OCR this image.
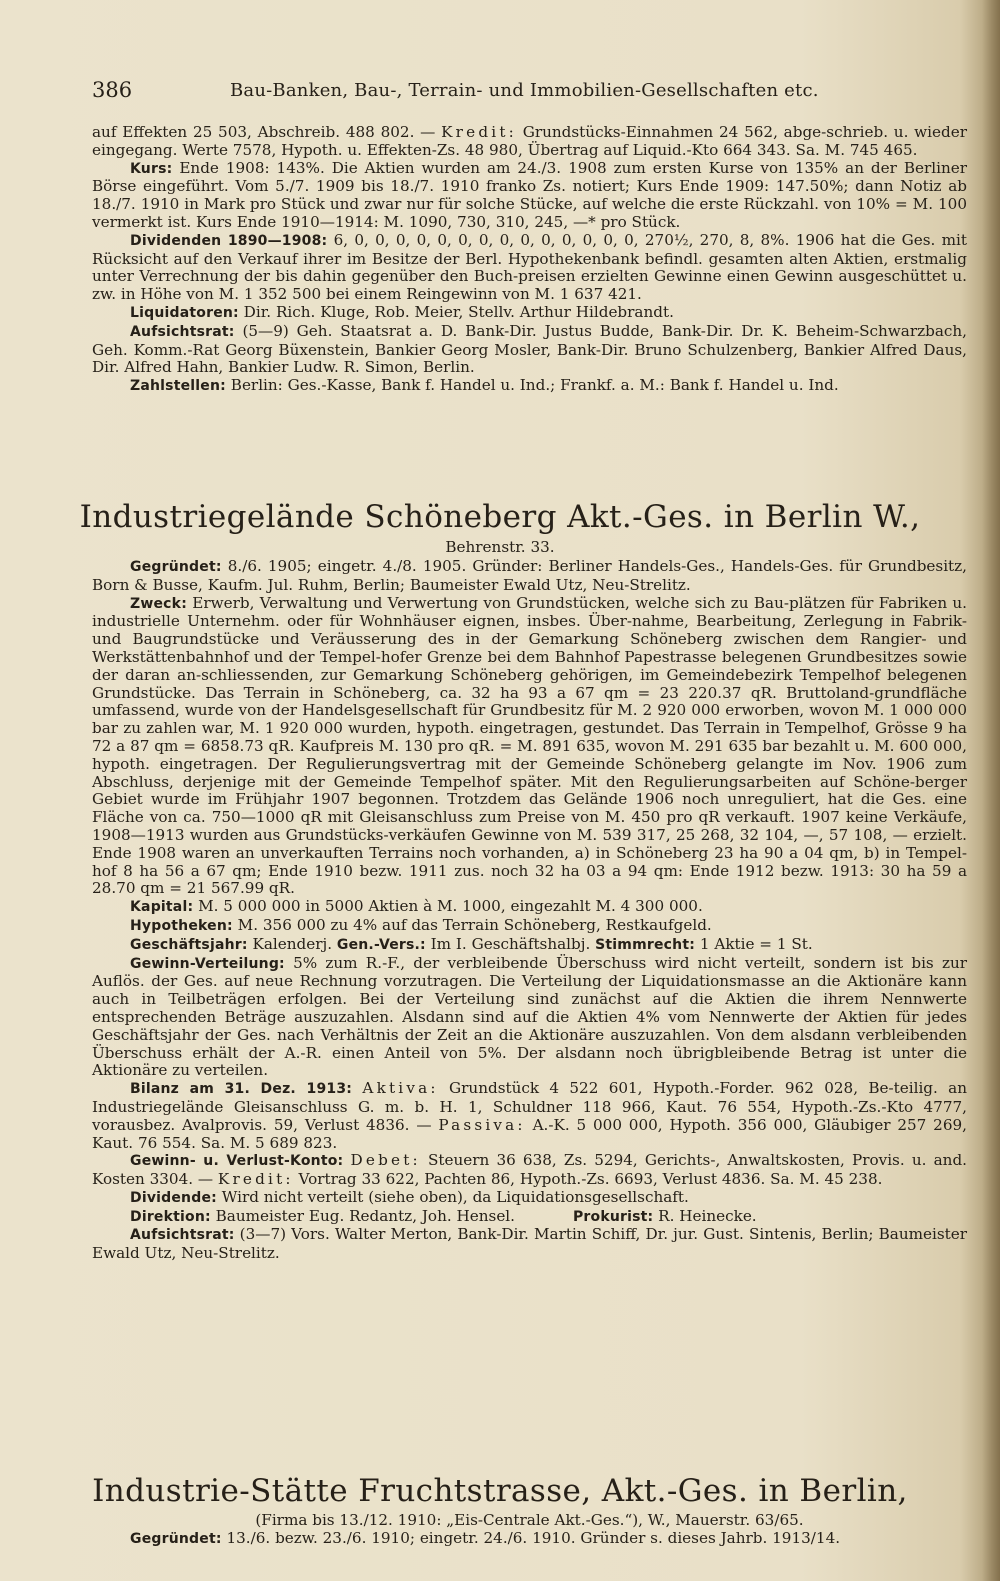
386	Bau-Banken, Bau-, Terrain- und Immobilien-Gesellschaften etc.

auf Effekten 25 503, Abschreib. 488 802. — Kredit: Grundstücks-Einnahmen 24 562, abge-schrieb. u. wieder eingegang. Werte 7578, Hypoth. u. Effekten-Zs. 48 980, Übertrag auf Liquid.-Kto 664 343. Sa. M. 745 465.

Kurs: Ende 1908: 143%. Die Aktien wurden am 24./3. 1908 zum ersten Kurse von 135% an der Berliner Börse eingeführt. Vom 5./7. 1909 bis 18./7. 1910 franko Zs. notiert; Kurs Ende 1909: 147.50%; dann Notiz ab 18./7. 1910 in Mark pro Stück und zwar nur für solche Stücke, auf welche die erste Rückzahl. von 10% = M. 100 vermerkt ist. Kurs Ende 1910—1914: M. 1090, 730, 310, 245, —* pro Stück.

Dividenden 1890—1908: 6, 0, 0, 0, 0, 0, 0, 0, 0, 0, 0, 0, 0, 0, 0, 270½, 270, 8, 8%. 1906 hat die Ges. mit Rücksicht auf den Verkauf ihrer im Besitze der Berl. Hypothekenbank befindl. gesamten alten Aktien, erstmalig unter Verrechnung der bis dahin gegenüber den Buch-preisen erzielten Gewinne einen Gewinn ausgeschüttet u. zw. in Höhe von M. 1 352 500 bei einem Reingewinn von M. 1 637 421.

Liquidatoren: Dir. Rich. Kluge, Rob. Meier, Stellv. Arthur Hildebrandt.

Aufsichtsrat: (5—9) Geh. Staatsrat a. D. Bank-Dir. Justus Budde, Bank-Dir. Dr. K. Beheim-Schwarzbach, Geh. Komm.-Rat Georg Büxenstein, Bankier Georg Mosler, Bank-Dir. Bruno Schulzenberg, Bankier Alfred Daus, Dir. Alfred Hahn, Bankier Ludw. R. Simon, Berlin.

Zahlstellen: Berlin: Ges.-Kasse, Bank f. Handel u. Ind.; Frankf. a. M.: Bank f. Handel u. Ind.

Industriegelände Schöneberg Akt.-Ges. in Berlin W.,
Behrenstr. 33.

Gegründet: 8./6. 1905; eingetr. 4./8. 1905. Gründer: Berliner Handels-Ges., Handels-Ges. für Grundbesitz, Born & Busse, Kaufm. Jul. Ruhm, Berlin; Baumeister Ewald Utz, Neu-Strelitz.

Zweck: Erwerb, Verwaltung und Verwertung von Grundstücken, welche sich zu Bau-plätzen für Fabriken u. industrielle Unternehm. oder für Wohnhäuser eignen, insbes. Über-nahme, Bearbeitung, Zerlegung in Fabrik- und Baugrundstücke und Veräusserung des in der Gemarkung Schöneberg zwischen dem Rangier- und Werkstättenbahnhof und der Tempel-hofer Grenze bei dem Bahnhof Papestrasse belegenen Grundbesitzes sowie der daran an-schliessenden, zur Gemarkung Schöneberg gehörigen, im Gemeindebezirk Tempelhof belegenen Grundstücke. Das Terrain in Schöneberg, ca. 32 ha 93 a 67 qm = 23 220.37 qR. Bruttoland-grundfläche umfassend, wurde von der Handelsgesellschaft für Grundbesitz für M. 2 920 000 erworben, wovon M. 1 000 000 bar zu zahlen war, M. 1 920 000 wurden, hypoth. eingetragen, gestundet. Das Terrain in Tempelhof, Grösse 9 ha 72 a 87 qm = 6858.73 qR. Kaufpreis M. 130 pro qR. = M. 891 635, wovon M. 291 635 bar bezahlt u. M. 600 000, hypoth. eingetragen. Der Regulierungsvertrag mit der Gemeinde Schöneberg gelangte im Nov. 1906 zum Abschluss, derjenige mit der Gemeinde Tempelhof später. Mit den Regulierungsarbeiten auf Schöne-berger Gebiet wurde im Frühjahr 1907 begonnen. Trotzdem das Gelände 1906 noch unreguliert, hat die Ges. eine Fläche von ca. 750—1000 qR mit Gleisanschluss zum Preise von M. 450 pro qR verkauft. 1907 keine Verkäufe, 1908—1913 wurden aus Grundstücks-verkäufen Gewinne von M. 539 317, 25 268, 32 104, —, 57 108, — erzielt. Ende 1908 waren an unverkauften Terrains noch vorhanden, a) in Schöneberg 23 ha 90 a 04 qm, b) in Tempel-hof 8 ha 56 a 67 qm; Ende 1910 bezw. 1911 zus. noch 32 ha 03 a 94 qm: Ende 1912 bezw. 1913: 30 ha 59 a 28.70 qm = 21 567.99 qR.

Kapital: M. 5 000 000 in 5000 Aktien à M. 1000, eingezahlt M. 4 300 000.

Hypotheken: M. 356 000 zu 4% auf das Terrain Schöneberg, Restkaufgeld.

Geschäftsjahr: Kalenderj. Gen.-Vers.: Im I. Geschäftshalbj. Stimmrecht: 1 Aktie = 1 St.

Gewinn-Verteilung: 5% zum R.-F., der verbleibende Überschuss wird nicht verteilt, sondern ist bis zur Auflös. der Ges. auf neue Rechnung vorzutragen. Die Verteilung der Liquidationsmasse an die Aktionäre kann auch in Teilbeträgen erfolgen. Bei der Verteilung sind zunächst auf die Aktien die ihrem Nennwerte entsprechenden Beträge auszuzahlen. Alsdann sind auf die Aktien 4% vom Nennwerte der Aktien für jedes Geschäftsjahr der Ges. nach Verhältnis der Zeit an die Aktionäre auszuzahlen. Von dem alsdann verbleibenden Überschuss erhält der A.-R. einen Anteil von 5%. Der alsdann noch übrigbleibende Betrag ist unter die Aktionäre zu verteilen.

Bilanz am 31. Dez. 1913: Aktiva: Grundstück 4 522 601, Hypoth.-Forder. 962 028, Be-teilig. an Industriegelände Gleisanschluss G. m. b. H. 1, Schuldner 118 966, Kaut. 76 554, Hypoth.-Zs.-Kto 4777, vorausbez. Avalprovis. 59, Verlust 4836. — Passiva: A.-K. 5 000 000, Hypoth. 356 000, Gläubiger 257 269, Kaut. 76 554. Sa. M. 5 689 823.

Gewinn- u. Verlust-Konto: Debet: Steuern 36 638, Zs. 5294, Gerichts-, Anwaltskosten, Provis. u. and. Kosten 3304. — Kredit: Vortrag 33 622, Pachten 86, Hypoth.-Zs. 6693, Verlust 4836. Sa. M. 45 238.

Dividende: Wird nicht verteilt (siehe oben), da Liquidationsgesellschaft.

Direktion: Baumeister Eug. Redantz, Joh. Hensel.	Prokurist: R. Heinecke.

Aufsichtsrat: (3—7) Vors. Walter Merton, Bank-Dir. Martin Schiff, Dr. jur. Gust. Sintenis, Berlin; Baumeister Ewald Utz, Neu-Strelitz.

Industrie-Stätte Fruchtstrasse, Akt.-Ges. in Berlin,

(Firma bis 13./12. 1910: „Eis-Centrale Akt.-Ges.“), W., Mauerstr. 63/65.

Gegründet: 13./6. bezw. 23./6. 1910; eingetr. 24./6. 1910. Gründer s. dieses Jahrb. 1913/14.
